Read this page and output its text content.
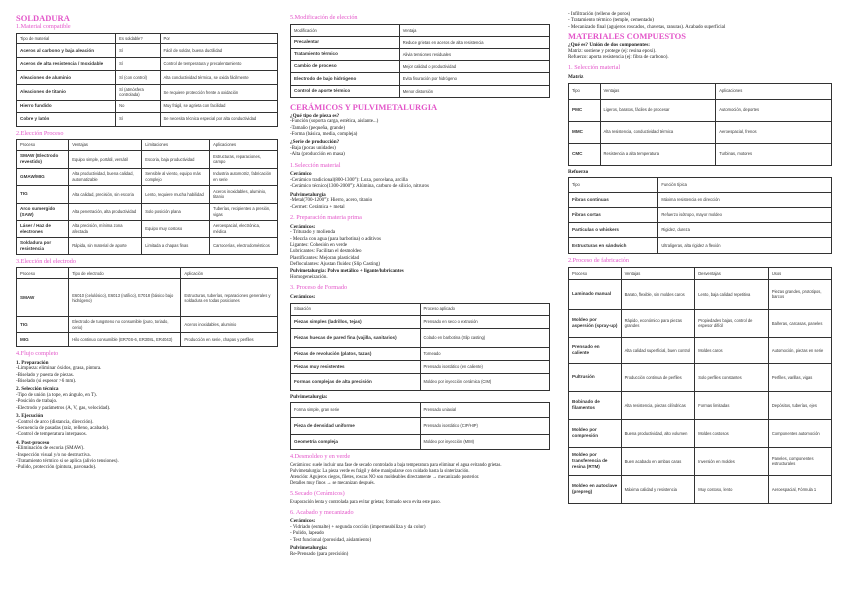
SOLDADURA
1.Material compatible
Tipo de material	Es soldable?	Por
Aceros al carbono y baja aleación	Sí	Fácil de soldar, buena ductilidad
Aceros de alta resistencia / Inoxidable	Sí	Control de temperatura y precalentamiento
Aleaciones de aluminio	Sí (con control)	Alta conductividad térmica, se oxida fácilmente
Aleaciones de titanio	Sí (atmósfera controlada)	Se requiere protección frente a oxidación
Hierro fundido	No	Muy frágil, se agrieta con facilidad
Cobre y latón	Sí	Se necesita técnica especial por alta conductividad
2.Elección Proceso
Proceso	Ventajas	Limitaciones	Aplicaciones
SMAW (Electrodo revestido)	Equipo simple, portátil, versátil	Escoria, baja productividad	Estructuras, reparaciones, campo
GMAW/MIG	Alta productividad, buena calidad, automatizable	Sensible al viento, equipo más complejo	Industria automotriz, fabricación en serie
TIG	Alta calidad, precisión, sin escoria	Lento, requiere mucha habilidad	Aceros inoxidables, aluminio, titanio
Arco sumergido (SAW)	Alta penetración, alta productividad	Solo posición plana	Tuberías, recipientes a presión, vigas
Láser / Haz de electrones	Alta precisión, mínima zona afectada	Equipo muy costoso	Aeroespacial, electrónica, médica
Soldadura por resistencia	Rápida, sin material de aporte	Limitada a chapas finas	Carrocerías, electrodomésticos
3.Elección del electrodo
Proceso	Tipo de electrodo	Aplicación
SMAW	E6010 (celulósico), E6013 (rutílico), E7018 (básico bajo hidrógeno)	Estructuras, tuberías, reparaciones generales y soldadura en todas posiciones
TIG	Electrodo de tungsteno no consumible (puro, toriado, cerio)	Aceros inoxidables, aluminio
MIG	Hilo continuo consumible (ER70S-6, ER308L, ER4043)	Producción en serie, chapas y perfiles
4.Flujo completo
1. Preparación
-Limpieza: eliminar óxidos, grasa, pintura.
-Biselado y puesta de piezas.
-Biselado (si espesor >6 mm).
2. Selección técnica
-Tipo de unión (a tope, en ángulo, en T).
-Posición de trabajo.
-Electrodo y parámetros (A, V, gas, velocidad).
3. Ejecución
-Control de arco (distancia, dirección).
-Secuencia de pasadas (raíz, relleno, acabado).
-Control de temperatura interpasos.
4. Post-proceso
-Eliminación de escoria (SMAW).
-Inspección visual y/o no destructiva.
-Tratamiento térmico si se aplica (alivio tensiones).
-Pulido, protección (pintura, pavonado).
5.Modificación de elección
Modificación	Ventaja
Precalentar	Reduce grietas en aceros de alta resistencia
Tratamiento térmico	Alivia tensiones residuales
Cambio de proceso	Mejor calidad o productividad
Electrodo de bajo hidrógeno	Evita fisuración por hidrógeno
Control de aporte térmico	Menor distorsión
CERÁMICOS Y PULVIMETALURGIA
¿Qué tipo de pieza es?
-Función (soporta carga, estética, aislante...)
-Tamaño (pequeña, grande)
-Forma (básica, media, compleja)
¿Serie de producción?
-Baja (pocas unidades)
-Alta (producción en masa)
1.Selección material
Cerámico
-Cerámico tradicional(800-1300°): Loza, porcelana, arcilla
-Cerámico técnico(1300-2000°): Alúmina, carburo de silicio, nitruros
Pulvimetalurgia
-Metal(700-1200°): Hierro, acero, titanio
-Cermet: Cerámica + metal
2. Preparación materia prima
Cerámicos:
- Triturado y molienda
- Mezcla con agua (para barbotina) o aditivos
Ligantes: Cohesión en verde
Lubricantes: Facilitan el desmoldeo
Plastificantes: Mejoran plasticidad
Defloculantes: Ajustan fluidez (Slip Casting)
Pulvimetalurgia: Polvo metálico + ligante/lubricantes
Homogeneización.
3. Proceso de Formado
Cerámicos:
Situación	Proceso aplicado
Piezas simples (ladrillos, tejas)	Prensado en seco o extrusión
Piezas huecas de pared fina (vajilla, sanitarios)	Colado en barbotina (Slip casting)
Piezas de revolución (platos, tazas)	Torneado
Piezas muy resistentes	Prensado isostático (en caliente)
Formas complejas de alta precisión	Moldeo por inyección cerámica (CIM)
Pulvimetalurgia:
Forma simple, gran serie	Prensado uniaxial
Pieza de densidad uniforme	Prensado isostático (CIP/HIP)
Geometría compleja	Moldeo por inyección (MIM)
4.Desmoldeo y en verde
Cerámicos: suele incluir una fase de secado controlado a baja temperatura para eliminar el agua evitando grietas.
Pulvimetalurgia: La pieza verde es frágil y debe manipularse con cuidado hasta la sinterización.
Atención: Agujeros ciegos, filetes, roscas NO son moldeables directamente → mecanizado posterior.
Detalles muy finos → se mecanizan después.
5.Secado (Cerámicos)
Evaporación lenta y controlada para evitar grietas; formado seco evita este paso.
6. Acabado y mecanizado
Cerámicos:
- Vidriado (esmalte) + segunda cocción (impermeabiliza y da color)
- Pulido, lapeado
- Test funcional (porosidad, aislamiento)
Pulvimetalurgia:
Re-Prensado (para precisión)
- Infiltración (relleno de poros)
- Tratamiento térmico (temple, cementado)
- Mecanizado final (agujeros roscados, chavetas, ranuras). Acabado superficial
MATERIALES COMPUESTOS
¿Qué es? Unión de dos componentes:
Matriz: sostiene y protege (ej: resina epoxi).
Refuerzo: aporta resistencia (ej: fibra de carbono).
1. Selección material
Matriz
Tipo	Ventajas	Aplicaciones
PMC	Ligeros, baratos, fáciles de procesar	Automoción, deportes
MMC	Alta resistencia, conductividad térmica	Aeroespacial, frenos
CMC	Resistencia a alta temperatura	Turbinas, motores
Refuerzo
Tipo	Función típica
Fibras continuas	Máxima resistencia en dirección
Fibras cortas	Refuerzo isótropo, mayor moldeo
Partículas o whiskers	Rigidez, dureza
Estructuras en sándwich	Ultraligeras, alta rigidez a flexión
2.Proceso de fabricación
Proceso	Ventajas	Desventajas	Usos
Laminado manual	Barato, flexible, sin moldes caros	Lento, baja calidad repetitiva	Piezas grandes, prototipos, barcos
Moldeo por aspersión (spray-up)	Rápido, económico para piezas grandes	Propiedades bajas, control de espesor difícil	Bañeras, carcasas, paneles
Prensado en caliente	Alta calidad superficial, buen control	Moldes caros	Automoción, piezas en serie
Pultrusión	Producción continua de perfiles	Solo perfiles constantes	Perfiles, varillas, vigas
Bobinado de filamentos	Alta resistencia, piezas cilíndricas	Formas limitadas	Depósitos, tuberías, ejes
Moldeo por compresión	Buena productividad, alto volumen	Moldes costosos	Componentes automoción
Moldeo por transferencia de resina (RTM)	Buen acabado en ambas caras	Inversión en moldes	Paneles, componentes estructurales
Moldeo en autoclave (prepreg)	Máxima calidad y resistencia	Muy costoso, lento	Aeroespacial, Fórmula 1
